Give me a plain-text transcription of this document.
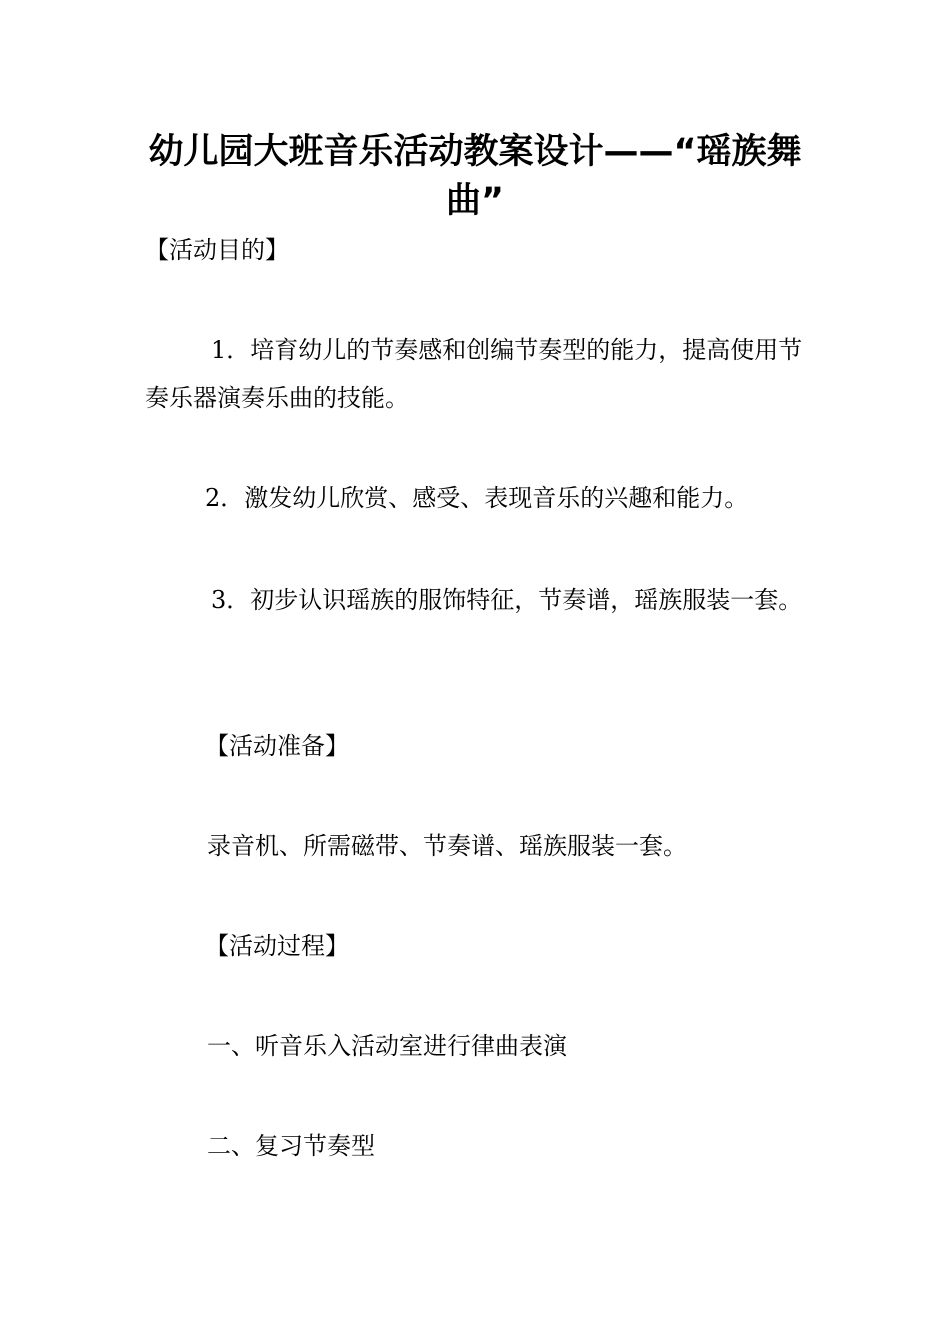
幼儿园大班音乐活动教案设计——“瑶族舞曲”

【活动目的】

1．培育幼儿的节奏感和创编节奏型的能力，提高使用节奏乐器演奏乐曲的技能。

2．激发幼儿欣赏、感受、表现音乐的兴趣和能力。

3．初步认识瑶族的服饰特征，节奏谱，瑶族服装一套。

【活动准备】

录音机、所需磁带、节奏谱、瑶族服装一套。

【活动过程】

一、听音乐入活动室进行律曲表演

二、复习节奏型
